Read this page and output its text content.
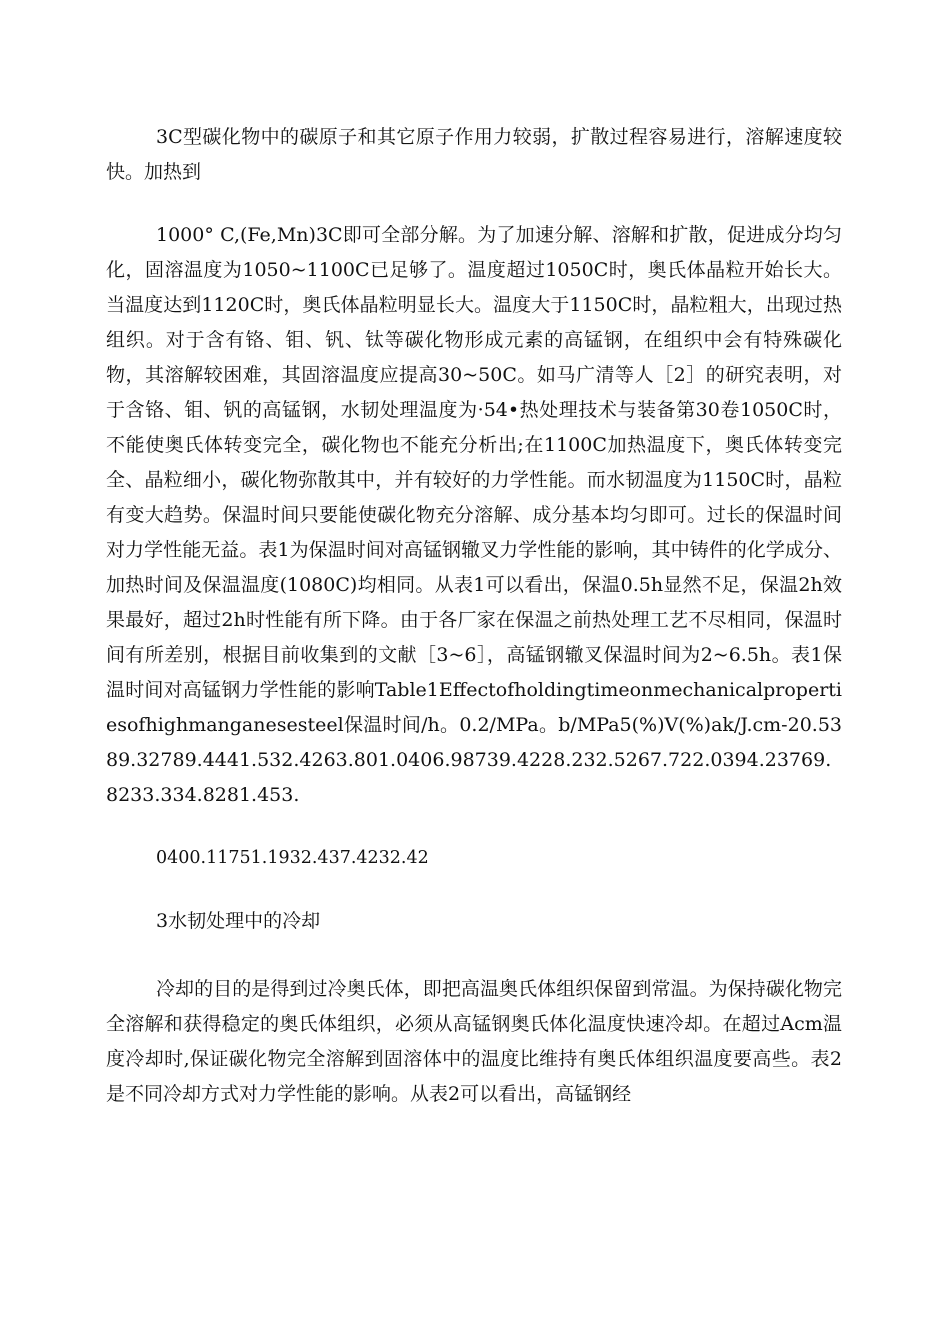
3C型碳化物中的碳原子和其它原子作用力较弱，扩散过程容易进行，溶解速度较快。加热到

1000° C,(Fe,Mn)3C即可全部分解。为了加速分解、溶解和扩散，促进成分均匀化，固溶温度为1050~1100C已足够了。温度超过1050C时，奥氏体晶粒开始长大。当温度达到1120C时，奥氏体晶粒明显长大。温度大于1150C时，晶粒粗大，出现过热组织。对于含有铬、钼、钒、钛等碳化物形成元素的高锰钢，在组织中会有特殊碳化物，其溶解较困难，其固溶温度应提高30~50C。如马广清等人［2］的研究表明，对于含铬、钼、钒的高锰钢，水韧处理温度为·54•热处理技术与装备第30卷1050C时，不能使奥氏体转变完全，碳化物也不能充分析出;在1100C加热温度下，奥氏体转变完全、晶粒细小，碳化物弥散其中，并有较好的力学性能。而水韧温度为1150C时，晶粒有变大趋势。保温时间只要能使碳化物充分溶解、成分基本均匀即可。过长的保温时间对力学性能无益。表1为保温时间对高锰钢辙叉力学性能的影响，其中铸件的化学成分、加热时间及保温温度(1080C)均相同。从表1可以看出，保温0.5h显然不足，保温2h效果最好，超过2h时性能有所下降。由于各厂家在保温之前热处理工艺不尽相同，保温时间有所差别，根据目前收集到的文献［3~6］，高锰钢辙叉保温时间为2~6.5h。表1保温时间对高锰钢力学性能的影响Table1Effectofholdingtimeonmechanicalpropertiesofhighmanganesesteel保温时间/h。0.2/MPa。b/MPa5(%)V(%)ak/J.cm-20.5389.32789.4441.532.4263.801.0406.98739.4228.232.5267.722.0394.23769.8233.334.8281.453.

0400.11751.1932.437.4232.42

3水韧处理中的冷却

冷却的目的是得到过冷奥氏体，即把高温奥氏体组织保留到常温。为保持碳化物完全溶解和获得稳定的奥氏体组织，必须从高锰钢奥氏体化温度快速冷却。在超过Acm温度冷却时,保证碳化物完全溶解到固溶体中的温度比维持有奥氏体组织温度要高些。表2是不同冷却方式对力学性能的影响。从表2可以看出，高锰钢经
